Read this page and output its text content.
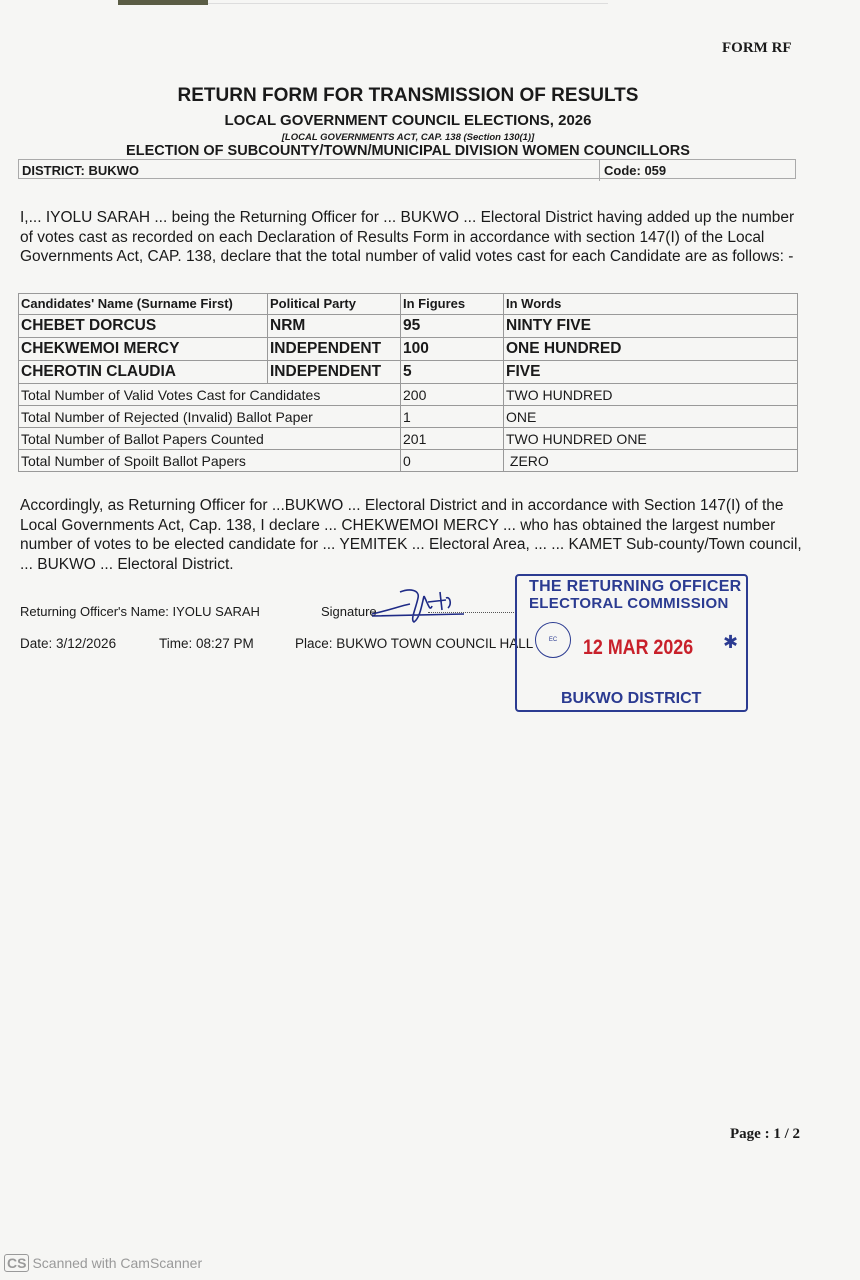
FORM RF
RETURN FORM FOR TRANSMISSION OF RESULTS
LOCAL GOVERNMENT COUNCIL ELECTIONS, 2026
[LOCAL GOVERNMENTS ACT, CAP. 138 (Section 130(1)]
ELECTION OF SUBCOUNTY/TOWN/MUNICIPAL DIVISION WOMEN COUNCILLORS
DISTRICT: BUKWO	Code: 059
I,... IYOLU SARAH ... being the Returning Officer for ... BUKWO ... Electoral District having added up the number of votes cast as recorded on each Declaration of Results Form in accordance with section 147(I) of the Local Governments Act, CAP. 138, declare that the total number of valid votes cast for each Candidate are as follows: -
Candidates' Name (Surname First)	Political Party	In Figures	In Words
CHEBET DORCUS	NRM	95	NINTY FIVE
CHEKWEMOI MERCY	INDEPENDENT	100	ONE HUNDRED
CHEROTIN CLAUDIA	INDEPENDENT	5	FIVE
Total Number of Valid Votes Cast for Candidates		200	TWO HUNDRED
Total Number of Rejected (Invalid) Ballot Paper		1	ONE
Total Number of Ballot Papers Counted		201	TWO HUNDRED ONE
Total Number of Spoilt Ballot Papers		0	ZERO
Accordingly, as Returning Officer for ...BUKWO ... Electoral District and in accordance with Section 147(I) of the Local Governments Act, Cap. 138, I declare ... CHEKWEMOI MERCY ... who has obtained the largest number number of votes to be elected candidate for ... YEMITEK ... Electoral Area, ... ... KAMET Sub-county/Town council, ... BUKWO ... Electoral District.
Returning Officer's Name: IYOLU SARAH	Signature
Date: 3/12/2026	Time: 08:27 PM	Place: BUKWO TOWN COUNCIL HALL
THE RETURNING OFFICER
ELECTORAL COMMISSION
EC	12 MAR 2026 ✱
BUKWO DISTRICT
Page : 1 / 2
CS Scanned with CamScanner
